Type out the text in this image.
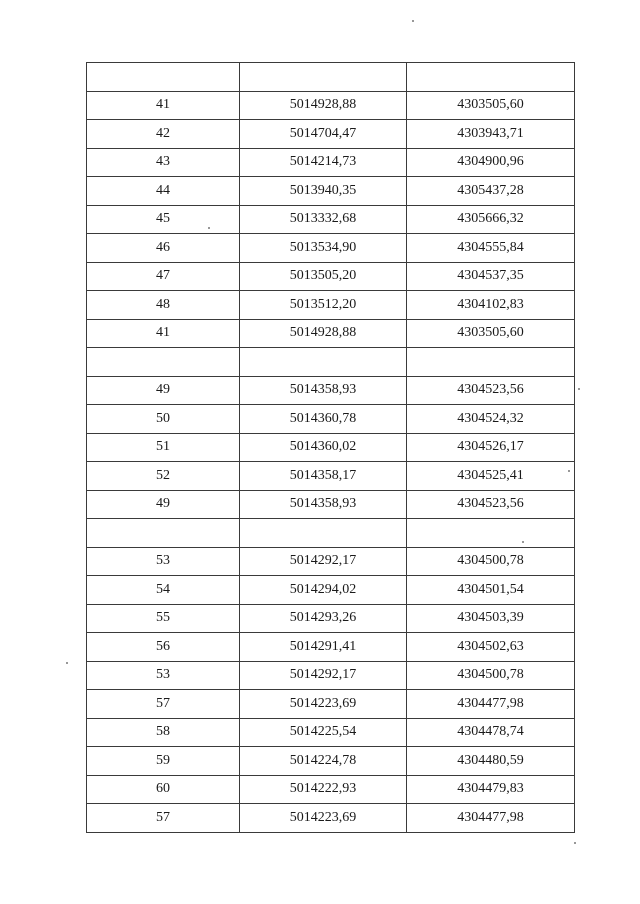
41	5014928,88	4303505,60
42	5014704,47	4303943,71
43	5014214,73	4304900,96
44	5013940,35	4305437,28
45	5013332,68	4305666,32
46	5013534,90	4304555,84
47	5013505,20	4304537,35
48	5013512,20	4304102,83
41	5014928,88	4303505,60

49	5014358,93	4304523,56
50	5014360,78	4304524,32
51	5014360,02	4304526,17
52	5014358,17	4304525,41
49	5014358,93	4304523,56

53	5014292,17	4304500,78
54	5014294,02	4304501,54
55	5014293,26	4304503,39
56	5014291,41	4304502,63
53	5014292,17	4304500,78
57	5014223,69	4304477,98
58	5014225,54	4304478,74
59	5014224,78	4304480,59
60	5014222,93	4304479,83
57	5014223,69	4304477,98
